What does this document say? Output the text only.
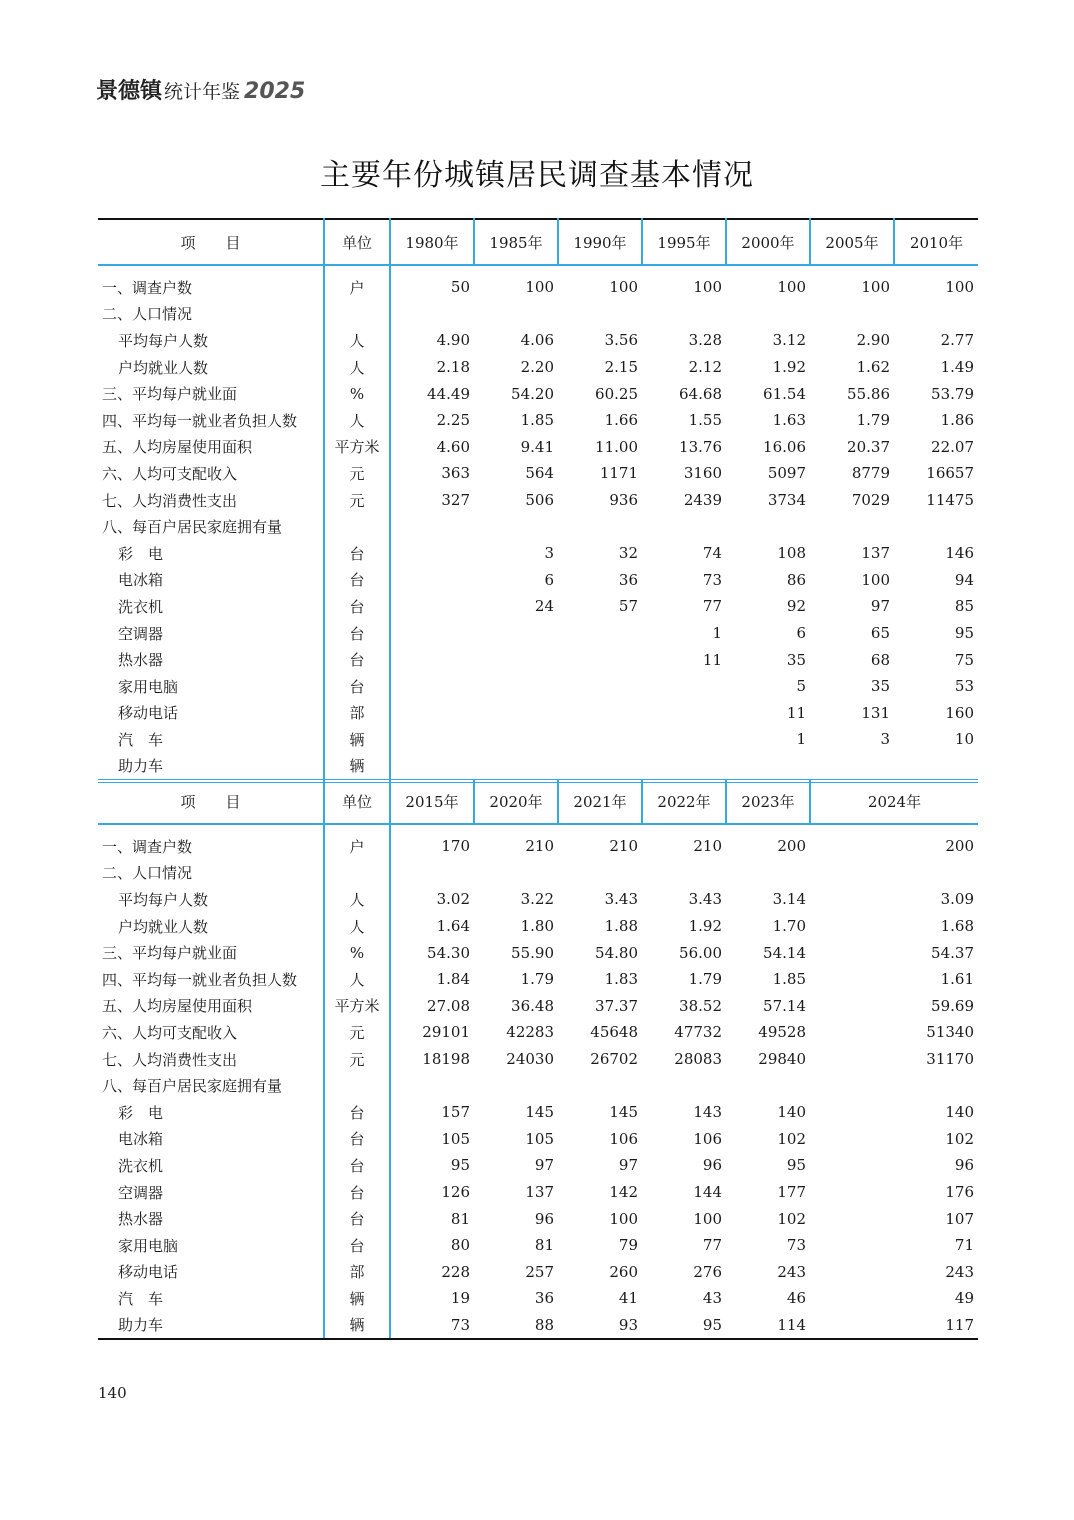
景德镇 统计年鉴 2025
主要年份城镇居民调查基本情况
项　　目	单位	1980年	1985年	1990年	1995年	2000年	2005年	2010年

一、调查户数	户	50	100	100	100	100	100	100
二、人口情况								
平均每户人数	人	4.90	4.06	3.56	3.28	3.12	2.90	2.77
户均就业人数	人	2.18	2.20	2.15	2.12	1.92	1.62	1.49
三、平均每户就业面	%	44.49	54.20	60.25	64.68	61.54	55.86	53.79
四、平均每一就业者负担人数	人	2.25	1.85	1.66	1.55	1.63	1.79	1.86
五、人均房屋使用面积	平方米	4.60	9.41	11.00	13.76	16.06	20.37	22.07
六、人均可支配收入	元	363	564	1171	3160	5097	8779	16657
七、人均消费性支出	元	327	506	936	2439	3734	7029	11475
八、每百户居民家庭拥有量								
彩　电	台		3	32	74	108	137	146
电冰箱	台		6	36	73	86	100	94
洗衣机	台		24	57	77	92	97	85
空调器	台				1	6	65	95
热水器	台				11	35	68	75
家用电脑	台					5	35	53
移动电话	部					11	131	160
汽　车	辆					1	3	10
助力车	辆							
项　　目	单位	2015年	2020年	2021年	2022年	2023年	2024年

一、调查户数	户	170	210	210	210	200	200
二、人口情况							
平均每户人数	人	3.02	3.22	3.43	3.43	3.14	3.09
户均就业人数	人	1.64	1.80	1.88	1.92	1.70	1.68
三、平均每户就业面	%	54.30	55.90	54.80	56.00	54.14	54.37
四、平均每一就业者负担人数	人	1.84	1.79	1.83	1.79	1.85	1.61
五、人均房屋使用面积	平方米	27.08	36.48	37.37	38.52	57.14	59.69
六、人均可支配收入	元	29101	42283	45648	47732	49528	51340
七、人均消费性支出	元	18198	24030	26702	28083	29840	31170
八、每百户居民家庭拥有量							
彩　电	台	157	145	145	143	140	140
电冰箱	台	105	105	106	106	102	102
洗衣机	台	95	97	97	96	95	96
空调器	台	126	137	142	144	177	176
热水器	台	81	96	100	100	102	107
家用电脑	台	80	81	79	77	73	71
移动电话	部	228	257	260	276	243	243
汽　车	辆	19	36	41	43	46	49
助力车	辆	73	88	93	95	114	117
140
